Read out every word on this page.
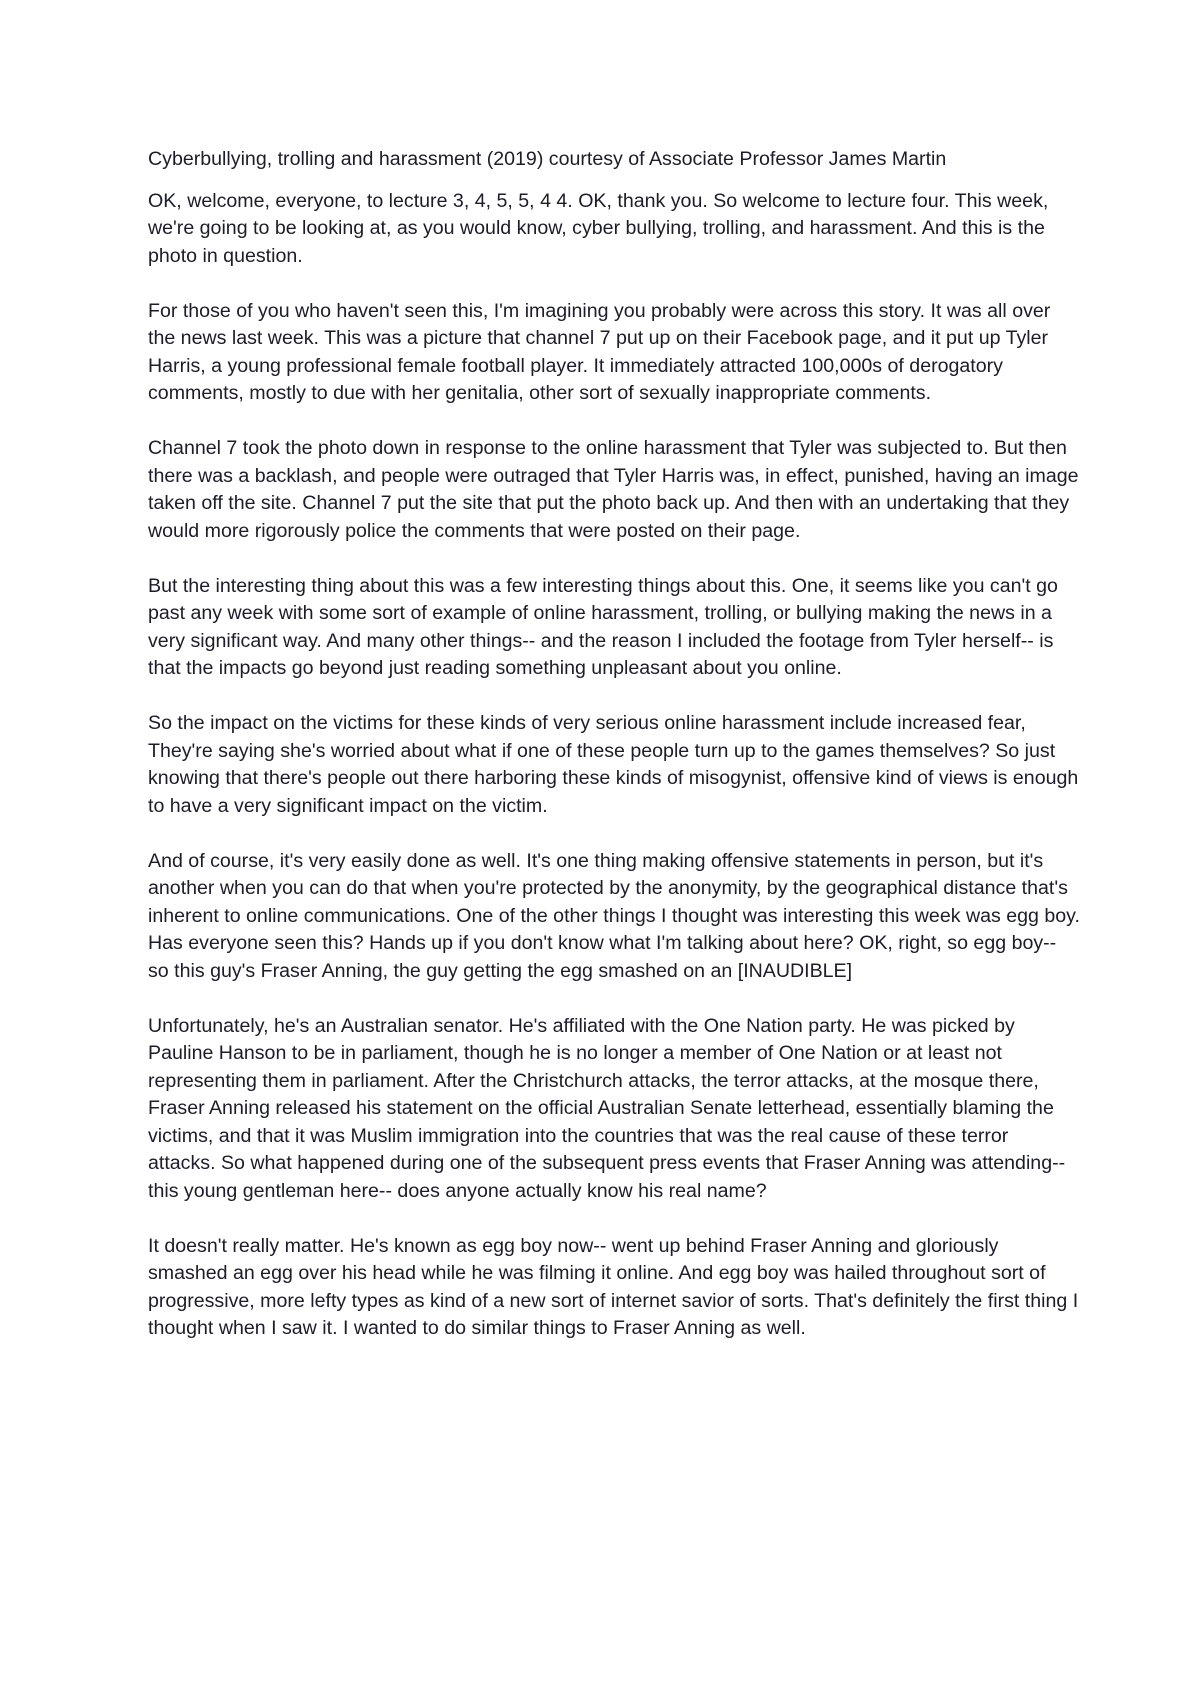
Cyberbullying, trolling and harassment (2019) courtesy of Associate Professor James Martin

OK, welcome, everyone, to lecture 3, 4, 5, 5, 4 4. OK, thank you. So welcome to lecture four. This week, we're going to be looking at, as you would know, cyber bullying, trolling, and harassment. And this is the photo in question.

For those of you who haven't seen this, I'm imagining you probably were across this story. It was all over the news last week. This was a picture that channel 7 put up on their Facebook page, and it put up Tyler Harris, a young professional female football player. It immediately attracted 100,000s of derogatory comments, mostly to due with her genitalia, other sort of sexually inappropriate comments.

Channel 7 took the photo down in response to the online harassment that Tyler was subjected to. But then there was a backlash, and people were outraged that Tyler Harris was, in effect, punished, having an image taken off the site. Channel 7 put the site that put the photo back up. And then with an undertaking that they would more rigorously police the comments that were posted on their page.

But the interesting thing about this was a few interesting things about this. One, it seems like you can't go past any week with some sort of example of online harassment, trolling, or bullying making the news in a very significant way. And many other things-- and the reason I included the footage from Tyler herself-- is that the impacts go beyond just reading something unpleasant about you online.

So the impact on the victims for these kinds of very serious online harassment include increased fear, They're saying she's worried about what if one of these people turn up to the games themselves? So just knowing that there's people out there harboring these kinds of misogynist, offensive kind of views is enough to have a very significant impact on the victim.

And of course, it's very easily done as well. It's one thing making offensive statements in person, but it's another when you can do that when you're protected by the anonymity, by the geographical distance that's inherent to online communications. One of the other things I thought was interesting this week was egg boy. Has everyone seen this? Hands up if you don't know what I'm talking about here? OK, right, so egg boy-- so this guy's Fraser Anning, the guy getting the egg smashed on an [INAUDIBLE]

Unfortunately, he's an Australian senator. He's affiliated with the One Nation party. He was picked by Pauline Hanson to be in parliament, though he is no longer a member of One Nation or at least not representing them in parliament. After the Christchurch attacks, the terror attacks, at the mosque there, Fraser Anning released his statement on the official Australian Senate letterhead, essentially blaming the victims, and that it was Muslim immigration into the countries that was the real cause of these terror attacks. So what happened during one of the subsequent press events that Fraser Anning was attending-- this young gentleman here-- does anyone actually know his real name?

It doesn't really matter. He's known as egg boy now-- went up behind Fraser Anning and gloriously smashed an egg over his head while he was filming it online. And egg boy was hailed throughout sort of progressive, more lefty types as kind of a new sort of internet savior of sorts. That's definitely the first thing I thought when I saw it. I wanted to do similar things to Fraser Anning as well.
